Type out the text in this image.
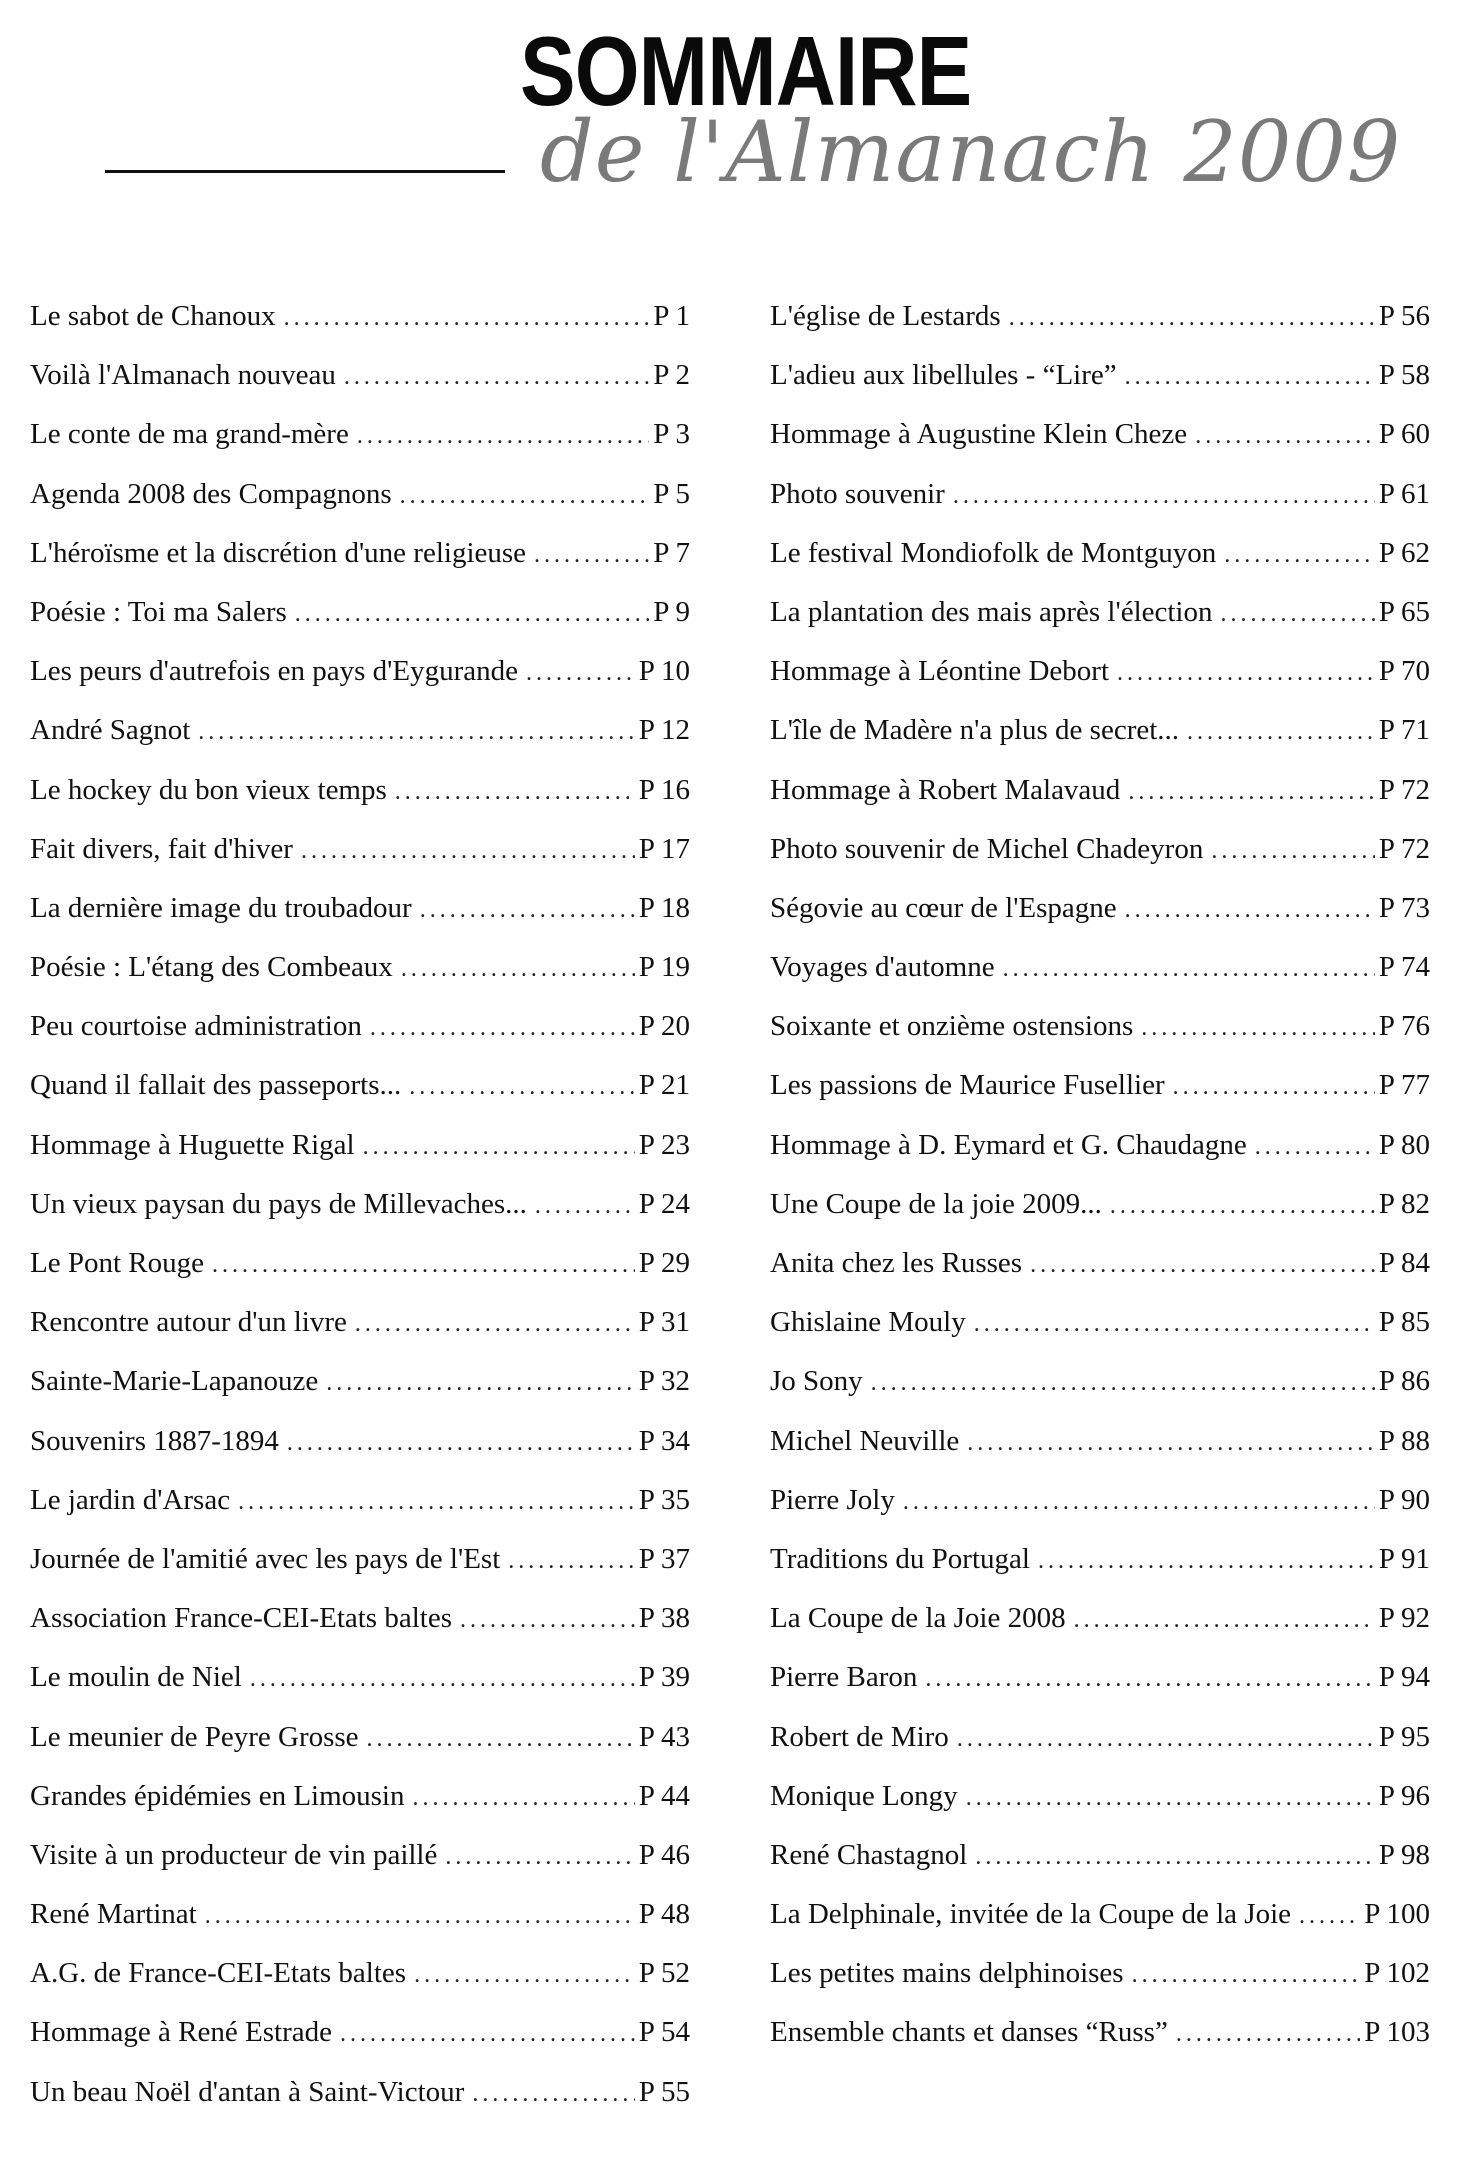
SOMMAIRE
de l'Almanach 2009
Le sabot de Chanoux .....	P 1
Voilà l'Almanach nouveau .....	P 2
Le conte de ma grand-mère .....	P 3
Agenda 2008 des Compagnons .....	P 5
L'héroïsme et la discrétion d'une religieuse .....	P 7
Poésie : Toi ma Salers .....	P 9
Les peurs d'autrefois en pays d'Eygurande .....	P 10
André Sagnot .....	P 12
Le hockey du bon vieux temps .....	P 16
Fait divers, fait d'hiver .....	P 17
La dernière image du troubadour .....	P 18
Poésie : L'étang des Combeaux .....	P 19
Peu courtoise administration .....	P 20
Quand il fallait des passeports... .....	P 21
Hommage à Huguette Rigal .....	P 23
Un vieux paysan du pays de Millevaches... .....	P 24
Le Pont Rouge .....	P 29
Rencontre autour d'un livre .....	P 31
Sainte-Marie-Lapanouze .....	P 32
Souvenirs 1887-1894 .....	P 34
Le jardin d'Arsac .....	P 35
Journée de l'amitié avec les pays de l'Est .....	P 37
Association France-CEI-Etats baltes .....	P 38
Le moulin de Niel .....	P 39
Le meunier de Peyre Grosse .....	P 43
Grandes épidémies en Limousin .....	P 44
Visite à un producteur de vin paillé .....	P 46
René Martinat .....	P 48
A.G. de France-CEI-Etats baltes .....	P 52
Hommage à René Estrade .....	P 54
Un beau Noël d'antan à Saint-Victour .....	P 55
L'église de Lestards .....	P 56
L'adieu aux libellules - “Lire” .....	P 58
Hommage à Augustine Klein Cheze .....	P 60
Photo souvenir .....	P 61
Le festival Mondiofolk de Montguyon .....	P 62
La plantation des mais après l'élection .....	P 65
Hommage à Léontine Debort .....	P 70
L'île de Madère n'a plus de secret... .....	P 71
Hommage à Robert Malavaud .....	P 72
Photo souvenir de Michel Chadeyron .....	P 72
Ségovie au cœur de l'Espagne .....	P 73
Voyages d'automne .....	P 74
Soixante et onzième ostensions .....	P 76
Les passions de Maurice Fusellier .....	P 77
Hommage à D. Eymard et G. Chaudagne .....	P 80
Une Coupe de la joie 2009... .....	P 82
Anita chez les Russes .....	P 84
Ghislaine Mouly .....	P 85
Jo Sony .....	P 86
Michel Neuville .....	P 88
Pierre Joly .....	P 90
Traditions du Portugal .....	P 91
La Coupe de la Joie 2008 .....	P 92
Pierre Baron .....	P 94
Robert de Miro .....	P 95
Monique Longy .....	P 96
René Chastagnol .....	P 98
La Delphinale, invitée de la Coupe de la Joie .....	P 100
Les petites mains delphinoises .....	P 102
Ensemble chants et danses “Russ” .....	P 103
